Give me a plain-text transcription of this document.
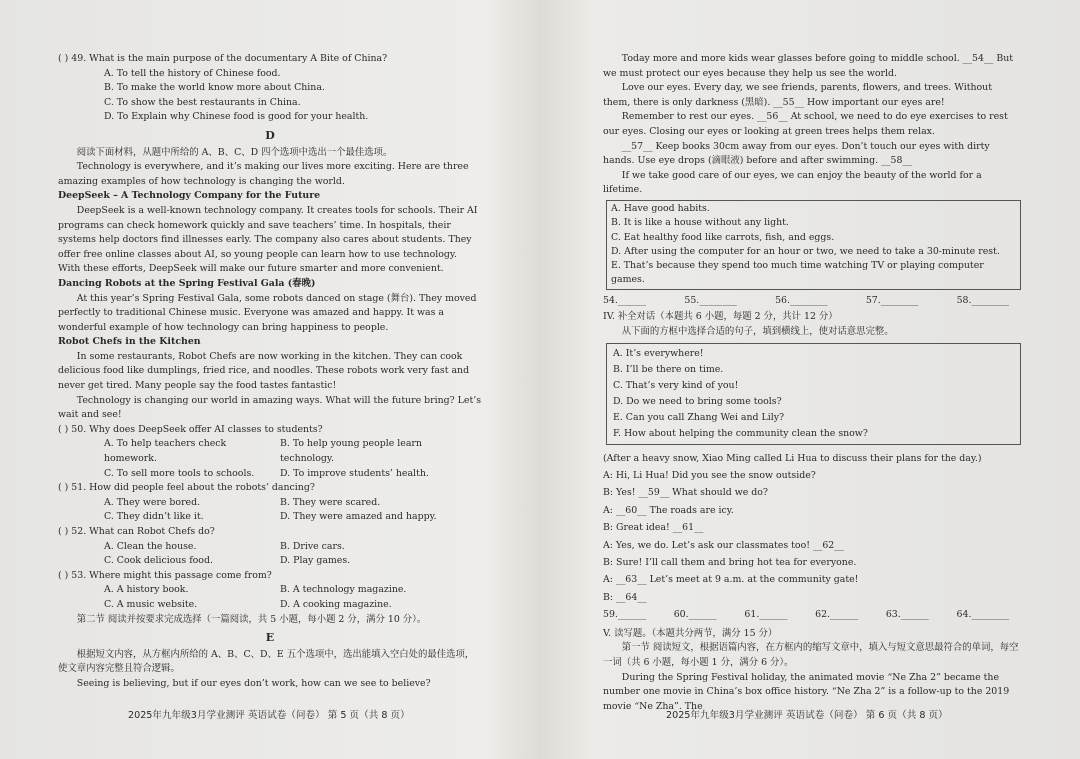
( ) 49. What is the main purpose of the documentary A Bite of China?

A. To tell the history of Chinese food.

B. To make the world know more about China.

C. To show the best restaurants in China.

D. To Explain why Chinese food is good for your health.

D

阅读下面材料，从题中所给的 A、B、C、D 四个选项中选出一个最佳选项。

Technology is everywhere, and it’s making our lives more exciting. Here are three amazing examples of how technology is changing the world.

DeepSeek – A Technology Company for the Future

DeepSeek is a well-known technology company. It creates tools for schools. Their AI programs can check homework quickly and save teachers’ time. In hospitals, their systems help doctors find illnesses early. The company also cares about students. They offer free online classes about AI, so young people can learn how to use technology. With these efforts, DeepSeek will make our future smarter and more convenient.

Dancing Robots at the Spring Festival Gala (春晚)

At this year’s Spring Festival Gala, some robots danced on stage (舞台). They moved perfectly to traditional Chinese music. Everyone was amazed and happy. It was a wonderful example of how technology can bring happiness to people.

Robot Chefs in the Kitchen

In some restaurants, Robot Chefs are now working in the kitchen. They can cook delicious food like dumplings, fried rice, and noodles. These robots work very fast and never get tired. Many people say the food tastes fantastic!

Technology is changing our world in amazing ways. What will the future bring? Let’s wait and see!

( ) 50. Why does DeepSeek offer AI classes to students?

A. To help teachers check homework.
B. To help young people learn technology.
C. To sell more tools to schools.	D. To improve students’ health.

( ) 51. How did people feel about the robots’ dancing?

A. They were bored.	B. They were scared.
C. They didn’t like it.	D. They were amazed and happy.

( ) 52. What can Robot Chefs do?

A. Clean the house.	B. Drive cars.
C. Cook delicious food.	D. Play games.

( ) 53. Where might this passage come from?

A. A history book.	B. A technology magazine.
C. A music website.	D. A cooking magazine.

第二节 阅读并按要求完成选择（一篇阅读，共 5 小题，每小题 2 分，满分 10 分）。

E

根据短文内容，从方框内所给的 A、B、C、D、E 五个选项中，选出能填入空白处的最佳选项，使文章内容完整且符合逻辑。

Seeing is believing, but if our eyes don’t work, how can we see to believe?

2025年九年级3月学业测评 英语试卷（问卷） 第 5 页（共 8 页）

Today more and more kids wear glasses before going to middle school. __54__ But we must protect our eyes because they help us see the world.

Love our eyes. Every day, we see friends, parents, flowers, and trees. Without them, there is only darkness (黑暗). __55__ How important our eyes are!

Remember to rest our eyes. __56__ At school, we need to do eye exercises to rest our eyes. Closing our eyes or looking at green trees helps them relax.

__57__ Keep books 30cm away from our eyes. Don’t touch our eyes with dirty hands. Use eye drops (滴眼液) before and after swimming. __58__

If we take good care of our eyes, we can enjoy the beauty of the world for a lifetime.

A. Have good habits.

B. It is like a house without any light.

C. Eat healthy food like carrots, fish, and eggs.

D. After using the computer for an hour or two, we need to take a 30-minute rest.

E. That’s because they spend too much time watching TV or playing computer games.

54.______	55.________	56.________	57.________	58.________

IV. 补全对话（本题共 6 小题，每题 2 分，共计 12 分）

从下面的方框中选择合适的句子，填到横线上，使对话意思完整。

A. It’s everywhere!

B. I’ll be there on time.

C. That’s very kind of you!

D. Do we need to bring some tools?

E. Can you call Zhang Wei and Lily?

F. How about helping the community clean the snow?

(After a heavy snow, Xiao Ming called Li Hua to discuss their plans for the day.)

A: Hi, Li Hua! Did you see the snow outside?

B: Yes! __59__ What should we do?

A: __60__ The roads are icy.

B: Great idea! __61__

A: Yes, we do. Let’s ask our classmates too! __62__

B: Sure! I’ll call them and bring hot tea for everyone.

A: __63__ Let’s meet at 9 a.m. at the community gate!

B: __64__

59.______	60.______	61.______	62.______	63.______	64.________

V. 读写题。（本题共分两节，满分 15 分）

第一节 阅读短文，根据语篇内容，在方框内的缩写文章中，填入与短文意思最符合的单词，每空一词（共 6 小题，每小题 1 分，满分 6 分）。

During the Spring Festival holiday, the animated movie “Ne Zha 2” became the number one movie in China’s box office history. “Ne Zha 2” is a follow-up to the 2019 movie “Ne Zha”. The

2025年九年级3月学业测评 英语试卷（问卷） 第 6 页（共 8 页）
